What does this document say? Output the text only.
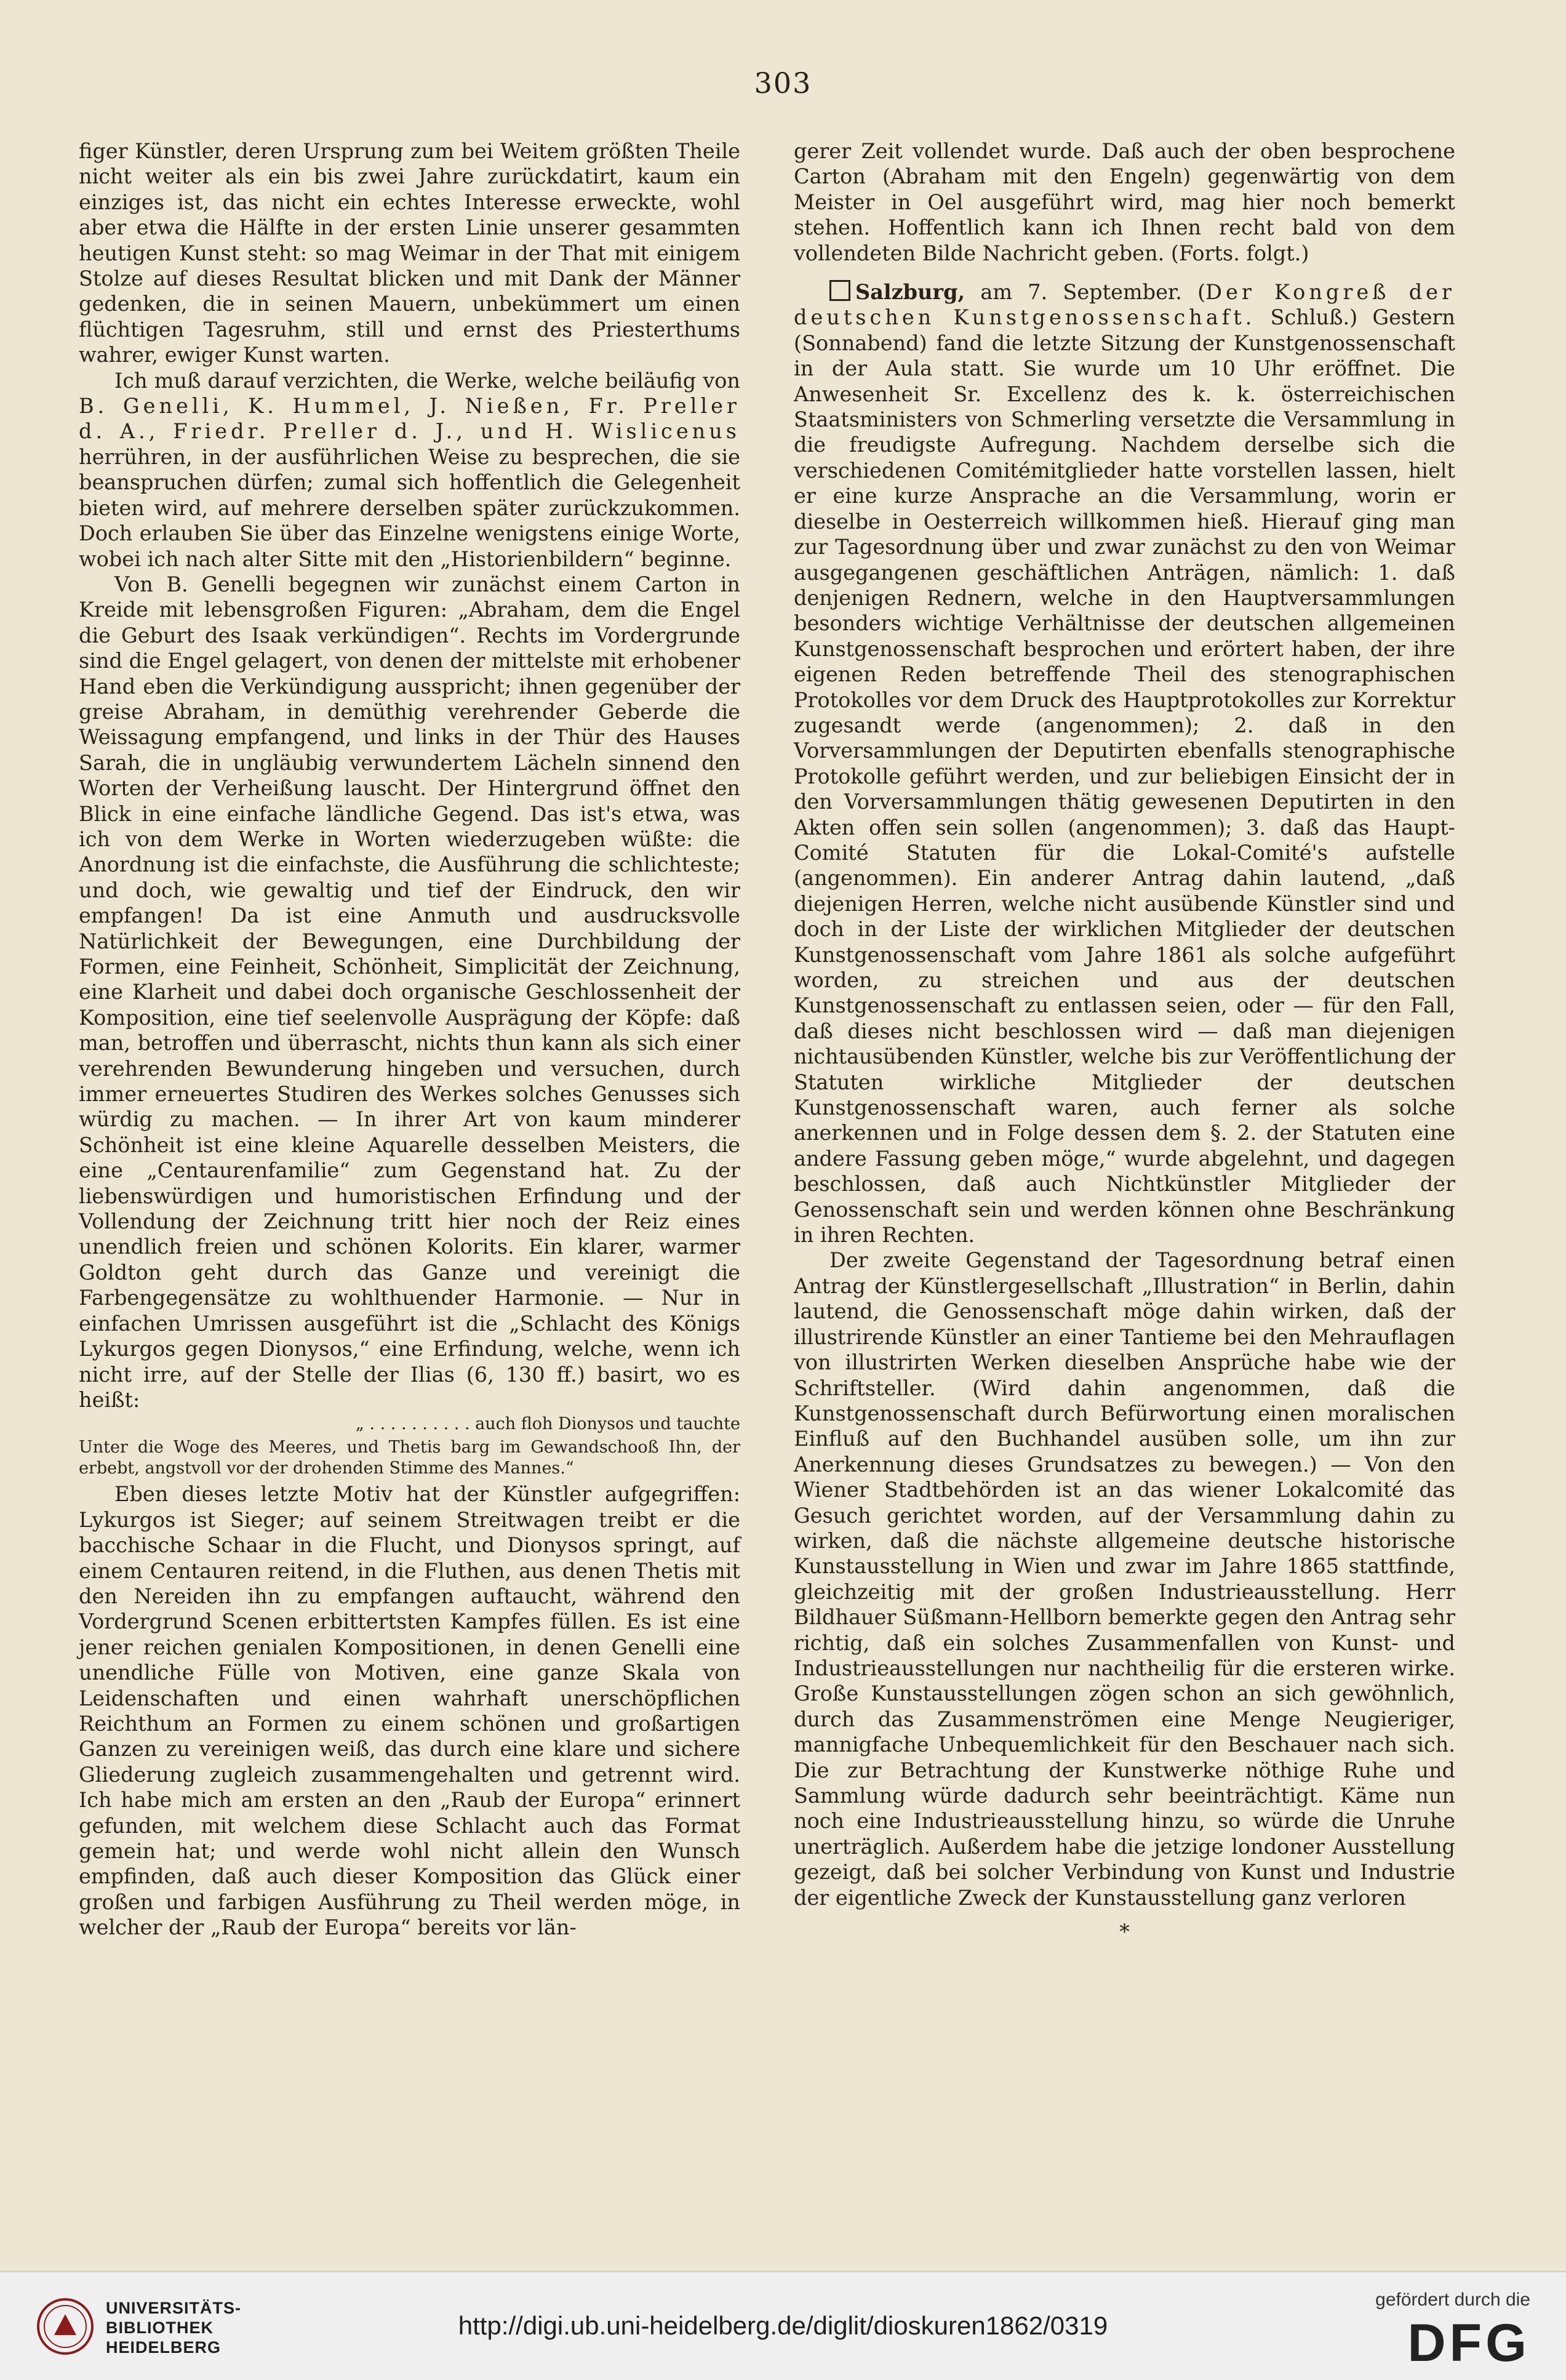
303

figer Künstler, deren Ursprung zum bei Weitem größten Theile nicht weiter als ein bis zwei Jahre zurückdatirt, kaum ein einziges ist, das nicht ein echtes Interesse erweckte, wohl aber etwa die Hälfte in der ersten Linie unserer gesammten heutigen Kunst steht: so mag Weimar in der That mit einigem Stolze auf dieses Resultat blicken und mit Dank der Männer gedenken, die in seinen Mauern, unbekümmert um einen flüchtigen Tagesruhm, still und ernst des Priesterthums wahrer, ewiger Kunst warten.

Ich muß darauf verzichten, die Werke, welche beiläufig von B. Genelli, K. Hummel, J. Nießen, Fr. Preller d. A., Friedr. Preller d. J., und H. Wislicenus herrühren, in der ausführlichen Weise zu besprechen, die sie beanspruchen dürfen; zumal sich hoffentlich die Gelegenheit bieten wird, auf mehrere derselben später zurückzukommen. Doch erlauben Sie über das Einzelne wenigstens einige Worte, wobei ich nach alter Sitte mit den „Historienbildern“ beginne.

Von B. Genelli begegnen wir zunächst einem Carton in Kreide mit lebensgroßen Figuren: „Abraham, dem die Engel die Geburt des Isaak verkündigen“. Rechts im Vordergrunde sind die Engel gelagert, von denen der mittelste mit erhobener Hand eben die Verkündigung ausspricht; ihnen gegenüber der greise Abraham, in demüthig verehrender Geberde die Weissagung empfangend, und links in der Thür des Hauses Sarah, die in ungläubig verwundertem Lächeln sinnend den Worten der Verheißung lauscht. Der Hintergrund öffnet den Blick in eine einfache ländliche Gegend. Das ist's etwa, was ich von dem Werke in Worten wiederzugeben wüßte: die Anordnung ist die einfachste, die Ausführung die schlichteste; und doch, wie gewaltig und tief der Eindruck, den wir empfangen! Da ist eine Anmuth und ausdrucksvolle Natürlichkeit der Bewegungen, eine Durchbildung der Formen, eine Feinheit, Schönheit, Simplicität der Zeichnung, eine Klarheit und dabei doch organische Geschlossenheit der Komposition, eine tief seelenvolle Ausprägung der Köpfe: daß man, betroffen und überrascht, nichts thun kann als sich einer verehrenden Bewunderung hingeben und versuchen, durch immer erneuertes Studiren des Werkes solches Genusses sich würdig zu machen. — In ihrer Art von kaum minderer Schönheit ist eine kleine Aquarelle desselben Meisters, die eine „Centaurenfamilie“ zum Gegenstand hat. Zu der liebenswürdigen und humoristischen Erfindung und der Vollendung der Zeichnung tritt hier noch der Reiz eines unendlich freien und schönen Kolorits. Ein klarer, warmer Goldton geht durch das Ganze und vereinigt die Farbengegensätze zu wohlthuender Harmonie. — Nur in einfachen Umrissen ausgeführt ist die „Schlacht des Königs Lykurgos gegen Dionysos,“ eine Erfindung, welche, wenn ich nicht irre, auf der Stelle der Ilias (6, 130 ff.) basirt, wo es heißt:

„ . . . . . . . . . . auch floh Dionysos und tauchte

Unter die Woge des Meeres, und Thetis barg im Gewandschooß Ihn, der erbebt, angstvoll vor der drohenden Stimme des Mannes.“

Eben dieses letzte Motiv hat der Künstler aufgegriffen: Lykurgos ist Sieger; auf seinem Streitwagen treibt er die bacchische Schaar in die Flucht, und Dionysos springt, auf einem Centauren reitend, in die Fluthen, aus denen Thetis mit den Nereiden ihn zu empfangen auftaucht, während den Vordergrund Scenen erbittertsten Kampfes füllen. Es ist eine jener reichen genialen Kompositionen, in denen Genelli eine unendliche Fülle von Motiven, eine ganze Skala von Leidenschaften und einen wahrhaft unerschöpflichen Reichthum an Formen zu einem schönen und großartigen Ganzen zu vereinigen weiß, das durch eine klare und sichere Gliederung zugleich zusammengehalten und getrennt wird. Ich habe mich am ersten an den „Raub der Europa“ erinnert gefunden, mit welchem diese Schlacht auch das Format gemein hat; und werde wohl nicht allein den Wunsch empfinden, daß auch dieser Komposition das Glück einer großen und farbigen Ausführung zu Theil werden möge, in welcher der „Raub der Europa“ bereits vor län-

gerer Zeit vollendet wurde. Daß auch der oben besprochene Carton (Abraham mit den Engeln) gegenwärtig von dem Meister in Oel ausgeführt wird, mag hier noch bemerkt stehen. Hoffentlich kann ich Ihnen recht bald von dem vollendeten Bilde Nachricht geben. (Forts. folgt.)

Salzburg, am 7. September. (Der Kongreß der deutschen Kunstgenossenschaft. Schluß.) Gestern (Sonnabend) fand die letzte Sitzung der Kunstgenossenschaft in der Aula statt. Sie wurde um 10 Uhr eröffnet. Die Anwesenheit Sr. Excellenz des k. k. österreichischen Staatsministers von Schmerling versetzte die Versammlung in die freudigste Aufregung. Nachdem derselbe sich die verschiedenen Comitémitglieder hatte vorstellen lassen, hielt er eine kurze Ansprache an die Versammlung, worin er dieselbe in Oesterreich willkommen hieß. Hierauf ging man zur Tagesordnung über und zwar zunächst zu den von Weimar ausgegangenen geschäftlichen Anträgen, nämlich: 1. daß denjenigen Rednern, welche in den Hauptversammlungen besonders wichtige Verhältnisse der deutschen allgemeinen Kunstgenossenschaft besprochen und erörtert haben, der ihre eigenen Reden betreffende Theil des stenographischen Protokolles vor dem Druck des Hauptprotokolles zur Korrektur zugesandt werde (angenommen); 2. daß in den Vorversammlungen der Deputirten ebenfalls stenographische Protokolle geführt werden, und zur beliebigen Einsicht der in den Vorversammlungen thätig gewesenen Deputirten in den Akten offen sein sollen (angenommen); 3. daß das Haupt-Comité Statuten für die Lokal-Comité's aufstelle (angenommen). Ein anderer Antrag dahin lautend, „daß diejenigen Herren, welche nicht ausübende Künstler sind und doch in der Liste der wirklichen Mitglieder der deutschen Kunstgenossenschaft vom Jahre 1861 als solche aufgeführt worden, zu streichen und aus der deutschen Kunstgenossenschaft zu entlassen seien, oder — für den Fall, daß dieses nicht beschlossen wird — daß man diejenigen nichtausübenden Künstler, welche bis zur Veröffentlichung der Statuten wirkliche Mitglieder der deutschen Kunstgenossenschaft waren, auch ferner als solche anerkennen und in Folge dessen dem §. 2. der Statuten eine andere Fassung geben möge,“ wurde abgelehnt, und dagegen beschlossen, daß auch Nichtkünstler Mitglieder der Genossenschaft sein und werden können ohne Beschränkung in ihren Rechten.

Der zweite Gegenstand der Tagesordnung betraf einen Antrag der Künstlergesellschaft „Illustration“ in Berlin, dahin lautend, die Genossenschaft möge dahin wirken, daß der illustrirende Künstler an einer Tantieme bei den Mehrauflagen von illustrirten Werken dieselben Ansprüche habe wie der Schriftsteller. (Wird dahin angenommen, daß die Kunstgenossenschaft durch Befürwortung einen moralischen Einfluß auf den Buchhandel ausüben solle, um ihn zur Anerkennung dieses Grundsatzes zu bewegen.) — Von den Wiener Stadtbehörden ist an das wiener Lokalcomité das Gesuch gerichtet worden, auf der Versammlung dahin zu wirken, daß die nächste allgemeine deutsche historische Kunstausstellung in Wien und zwar im Jahre 1865 stattfinde, gleichzeitig mit der großen Industrieausstellung. Herr Bildhauer Süßmann-Hellborn bemerkte gegen den Antrag sehr richtig, daß ein solches Zusammenfallen von Kunst- und Industrieausstellungen nur nachtheilig für die ersteren wirke. Große Kunstausstellungen zögen schon an sich gewöhnlich, durch das Zusammenströmen eine Menge Neugieriger, mannigfache Unbequemlichkeit für den Beschauer nach sich. Die zur Betrachtung der Kunstwerke nöthige Ruhe und Sammlung würde dadurch sehr beeinträchtigt. Käme nun noch eine Industrieausstellung hinzu, so würde die Unruhe unerträglich. Außerdem habe die jetzige londoner Ausstellung gezeigt, daß bei solcher Verbindung von Kunst und Industrie der eigentliche Zweck der Kunstausstellung ganz verloren

*
UNIVERSITÄTS-
BIBLIOTHEK
HEIDELBERG
http://digi.ub.uni-heidelberg.de/diglit/dioskuren1862/0319
gefördert durch die
DFG
